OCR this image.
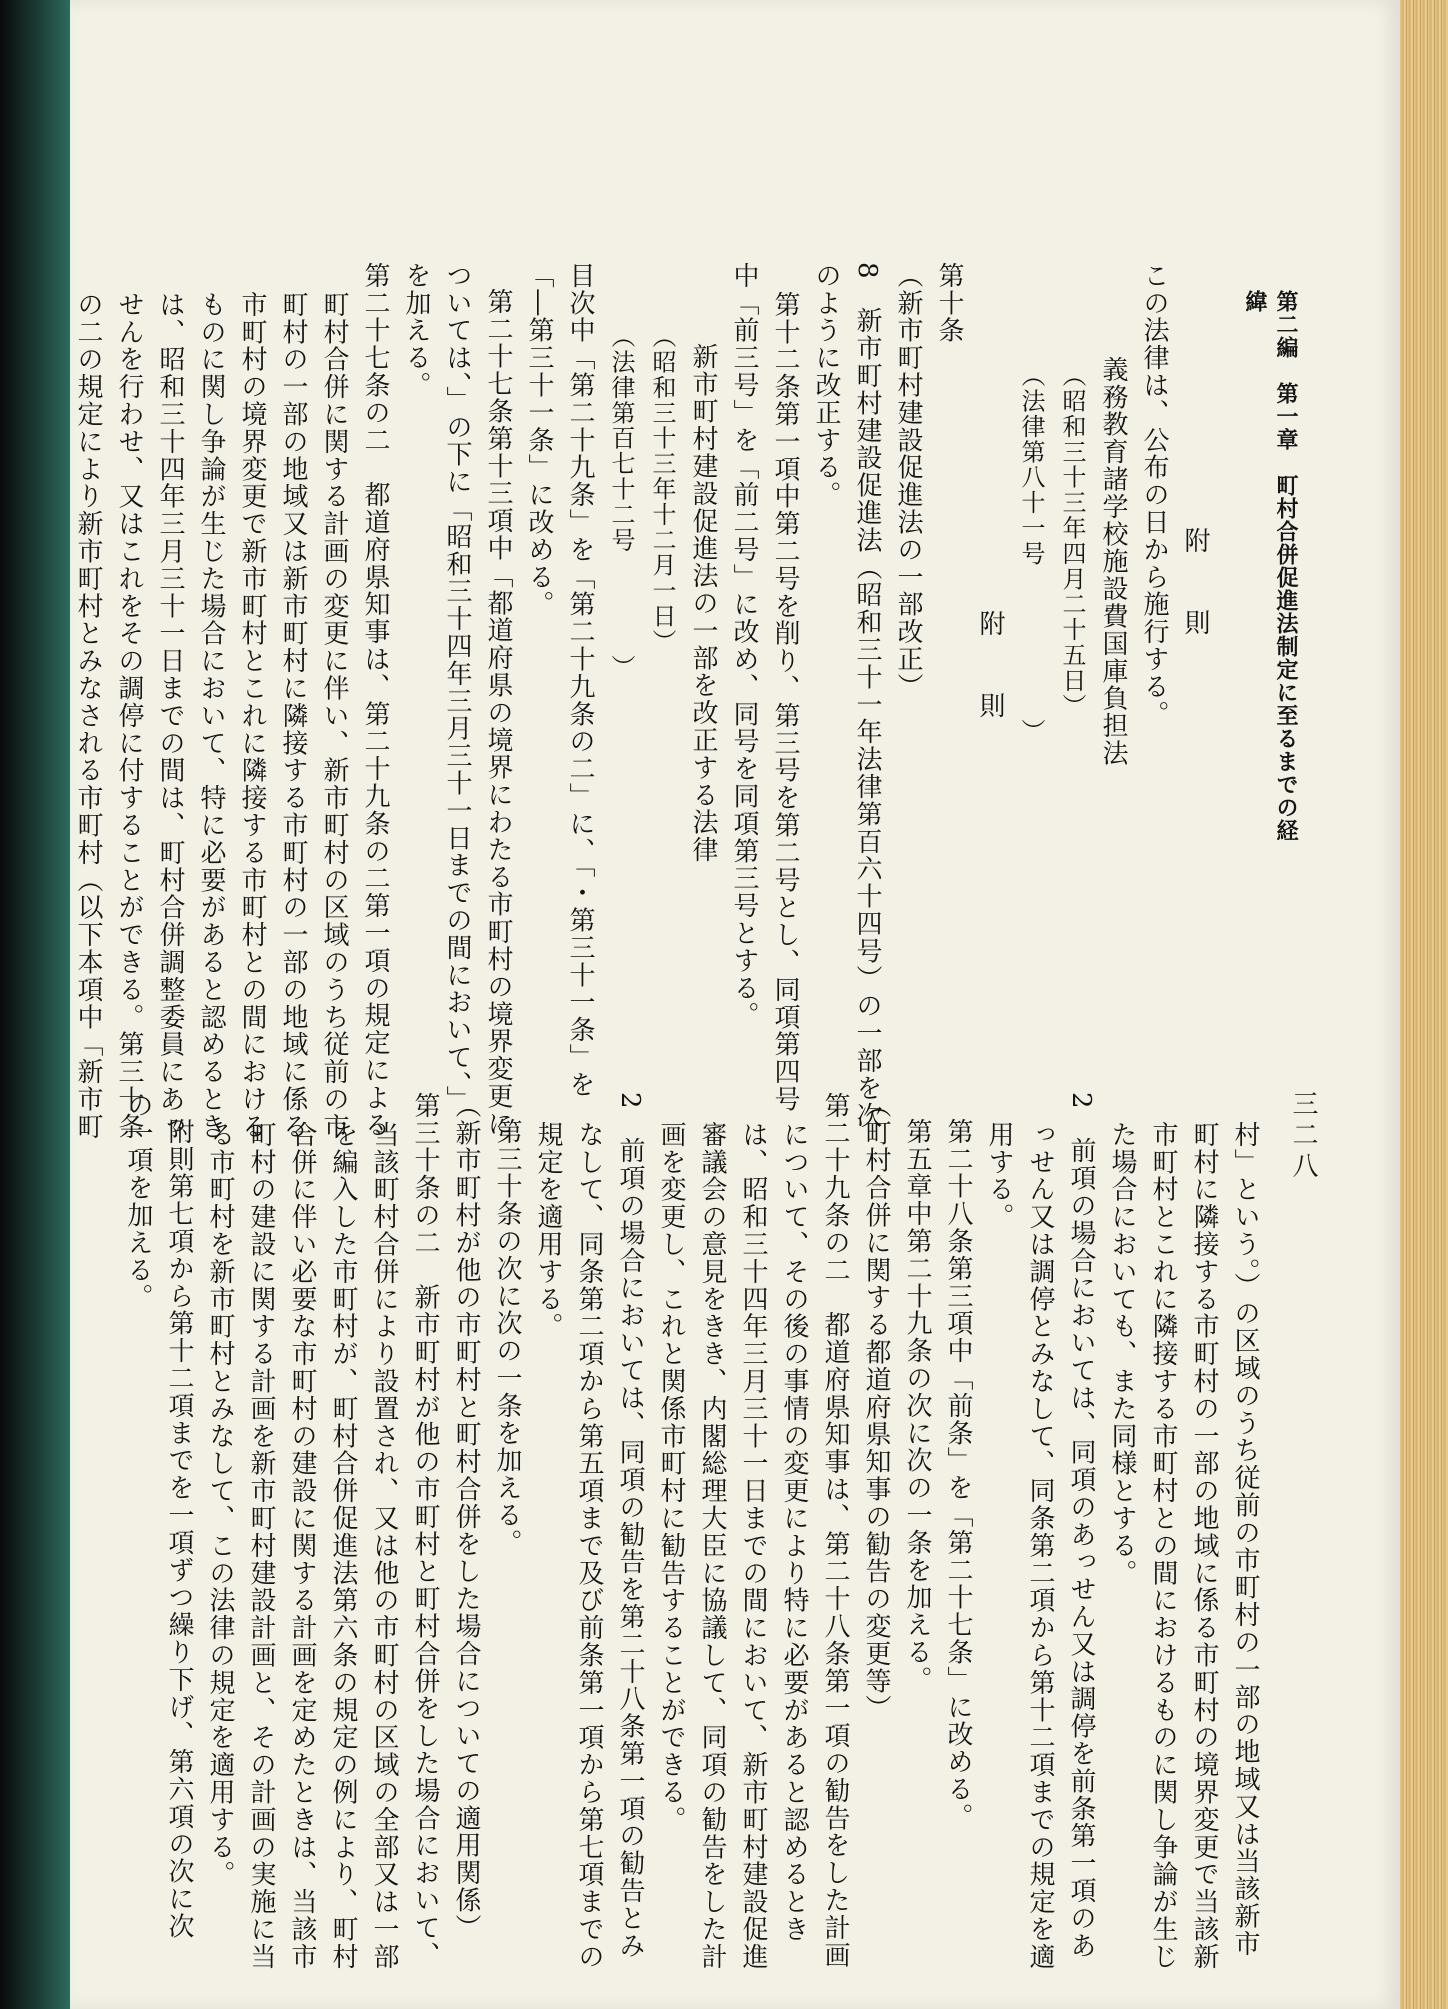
第二編　第一章　町村合併促進法制定に至るまでの経緯
三二八
附　　則
この法律は、公布の日から施行する。
義務教育諸学校施設費国庫負担法
（昭和三十三年四月二十五日）
（法律第八十一号　　　　　　）
附　　則
第十条
（新市町村建設促進法の一部改正）
8　新市町村建設促進法（昭和三十一年法律第百六十四号）の一部を次
のように改正する。
第十二条第一項中第二号を削り、第三号を第二号とし、同項第四号
中「前三号」を「前二号」に改め、同号を同項第三号とする。
新市町村建設促進法の一部を改正する法律
（昭和三十三年十二月一日）
（法律第百七十二号　　　　）
目次中「第二十九条」を「第二十九条の二」に、「・第三十一条」を
「―第三十一条」に改める。
第二十七条第十三項中「都道府県の境界にわたる市町村の境界変更に
ついては、」の下に「昭和三十四年三月三十一日までの間において、」
を加える。
第二十七条の二　都道府県知事は、第二十九条の二第一項の規定による
町村合併に関する計画の変更に伴い、新市町村の区域のうち従前の市
町村の一部の地域又は新市町村に隣接する市町村の一部の地域に係る
市町村の境界変更で新市町村とこれに隣接する市町村との間における
ものに関し争論が生じた場合において、特に必要があると認めるとき
は、昭和三十四年三月三十一日までの間は、町村合併調整委員にあっ
せんを行わせ、又はこれをその調停に付することができる。第三十条
の二の規定により新市町村とみなされる市町村（以下本項中「新市町
村」という。）の区域のうち従前の市町村の一部の地域又は当該新市
町村に隣接する市町村の一部の地域に係る市町村の境界変更で当該新
市町村とこれに隣接する市町村との間におけるものに関し争論が生じ
た場合においても、また同様とする。
2　前項の場合においては、同項のあっせん又は調停を前条第一項のあ
っせん又は調停とみなして、同条第二項から第十二項までの規定を適
用する。
第二十八条第三項中「前条」を「第二十七条」に改める。
第五章中第二十九条の次に次の一条を加える。
（町村合併に関する都道府県知事の勧告の変更等）
第二十九条の二　都道府県知事は、第二十八条第一項の勧告をした計画
について、その後の事情の変更により特に必要があると認めるとき
は、昭和三十四年三月三十一日までの間において、新市町村建設促進
審議会の意見をきき、内閣総理大臣に協議して、同項の勧告をした計
画を変更し、これと関係市町村に勧告することができる。
2　前項の場合においては、同項の勧告を第二十八条第一項の勧告とみ
なして、同条第二項から第五項まで及び前条第一項から第七項までの
規定を適用する。
第三十条の次に次の一条を加える。
（新市町村が他の市町村と町村合併をした場合についての適用関係）
第三十条の二　新市町村が他の市町村と町村合併をした場合において、
当該町村合併により設置され、又は他の市町村の区域の全部又は一部
を編入した市町村が、町村合併促進法第六条の規定の例により、町村
合併に伴い必要な市町村の建設に関する計画を定めたときは、当該市
町村の建設に関する計画を新市町村建設計画と、その計画の実施に当
る市町村を新市町村とみなして、この法律の規定を適用する。
附則第七項から第十二項までを一項ずつ繰り下げ、第六項の次に次
の一項を加える。
